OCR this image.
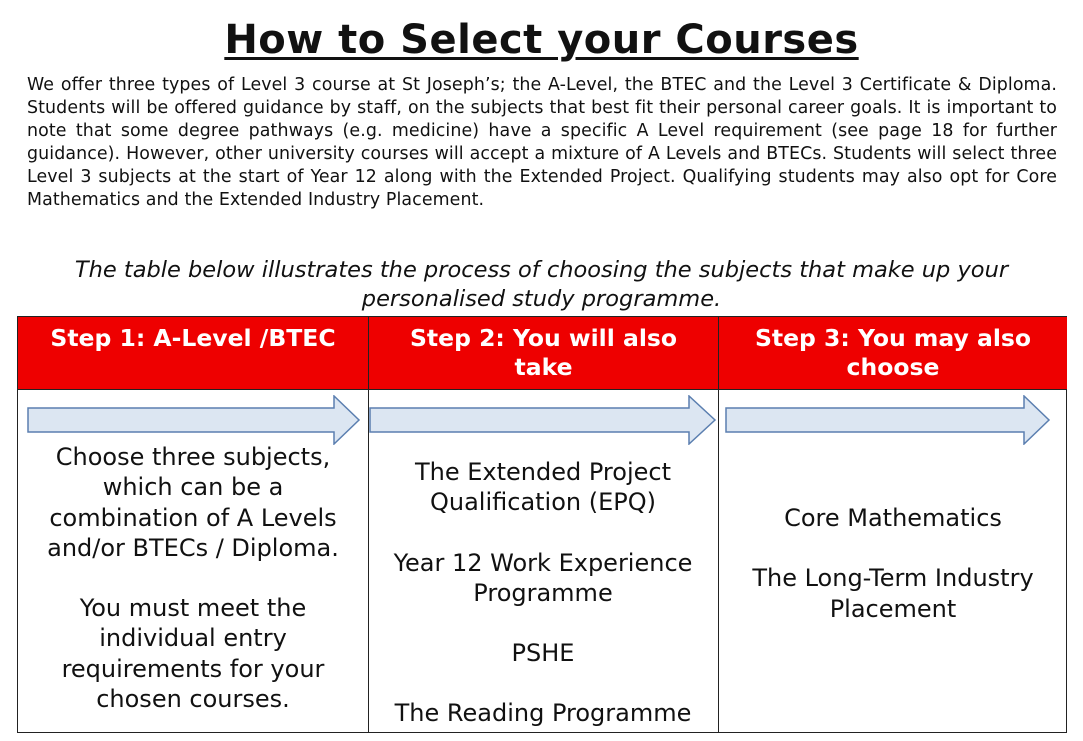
How to Select your Courses
We offer three types of Level 3 course at St Joseph’s; the A-Level, the BTEC and the Level 3 Certificate & Diploma. Students will be offered guidance by staff, on the subjects that best fit their personal career goals. It is important to note that some degree pathways (e.g. medicine) have a specific A Level requirement (see page 18 for further guidance). However, other university courses will accept a mixture of A Levels and BTECs. Students will select three Level 3 subjects at the start of Year 12 along with the Extended Project. Qualifying students may also opt for Core Mathematics and the Extended Industry Placement.
The table below illustrates the process of choosing the subjects that make up your personalised study programme.
Step 1: A-Level /BTEC	Step 2: You will also take
Step 3: You may also choose

Choose three subjects, which can be a combination of A Levels and/or BTECs / Diploma.

You must meet the individual entry requirements for your chosen courses.

The Extended Project Qualification (EPQ)

Year 12 Work Experience Programme

PSHE

The Reading Programme

Core Mathematics

The Long-Term Industry Placement
